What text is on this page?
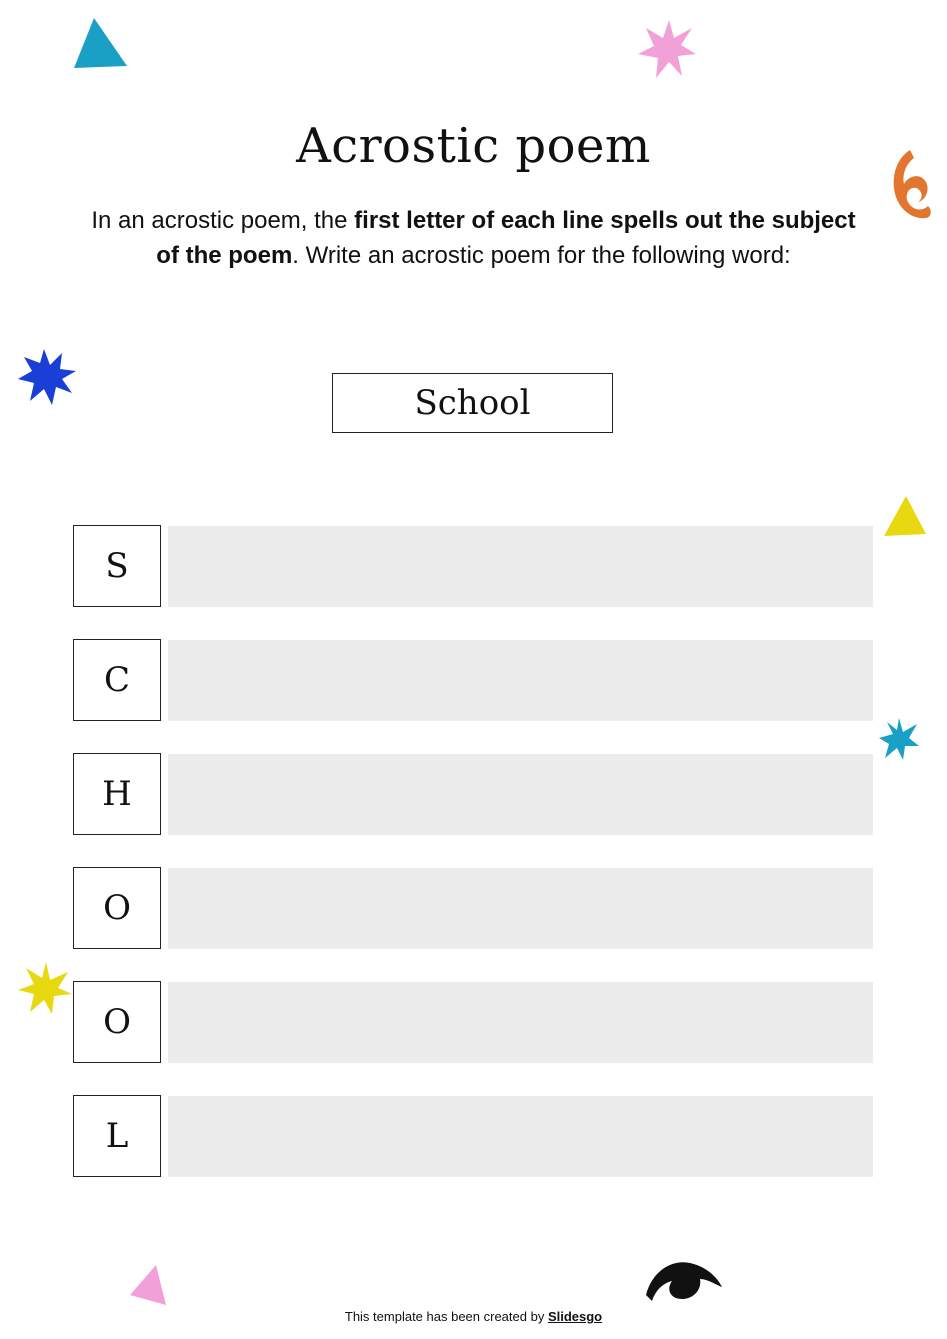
Acrostic poem

In an acrostic poem, the first letter of each line spells out the subject of the poem. Write an acrostic poem for the following word:

School
S
C
H
O
O
L
This template has been created by Slidesgo
